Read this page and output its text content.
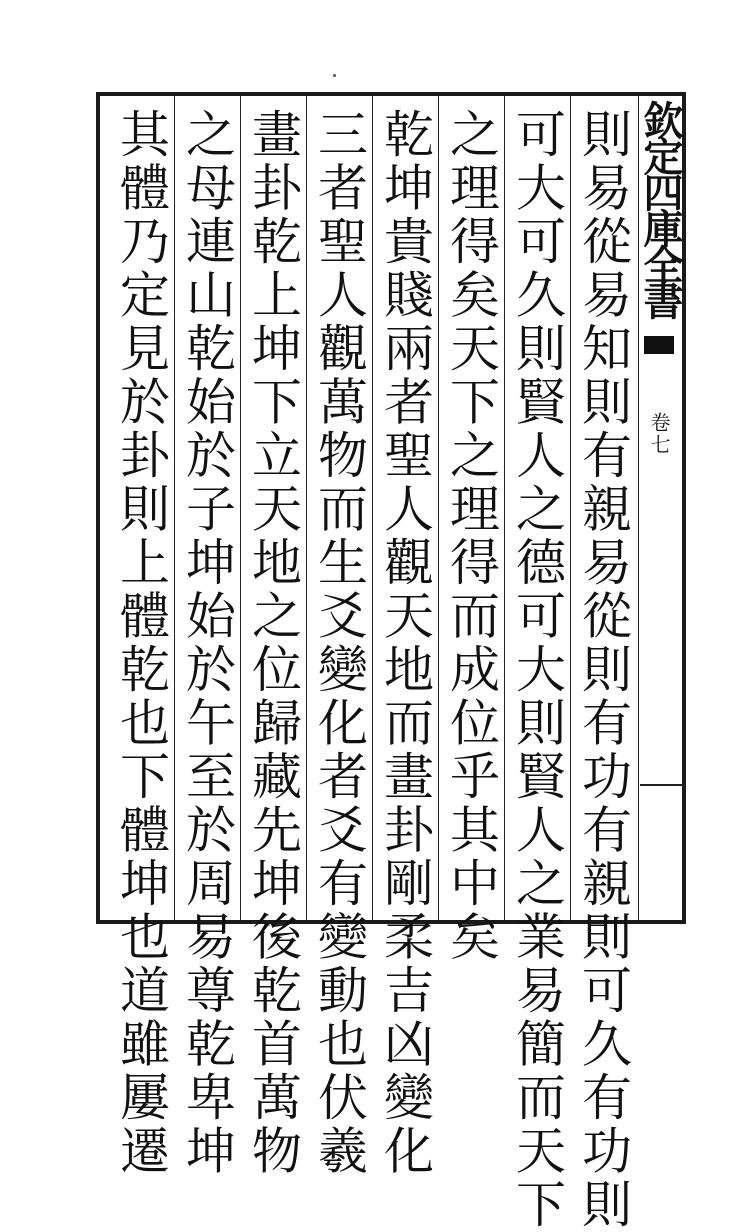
欽定四庫全書
卷七
則易從易知則有親易從則有功有親則可久有功則
可大可久則賢人之德可大則賢人之業易簡而天下
之理得矣天下之理得而成位乎其中矣
乾坤貴賤兩者聖人觀天地而畫卦剛柔吉凶變化
三者聖人觀萬物而生爻變化者爻有變動也伏羲
畫卦乾上坤下立天地之位歸藏先坤後乾首萬物
之母連山乾始於子坤始於午至於周易尊乾卑坤
其體乃定見於卦則上體乾也下體坤也道雖屢遷
